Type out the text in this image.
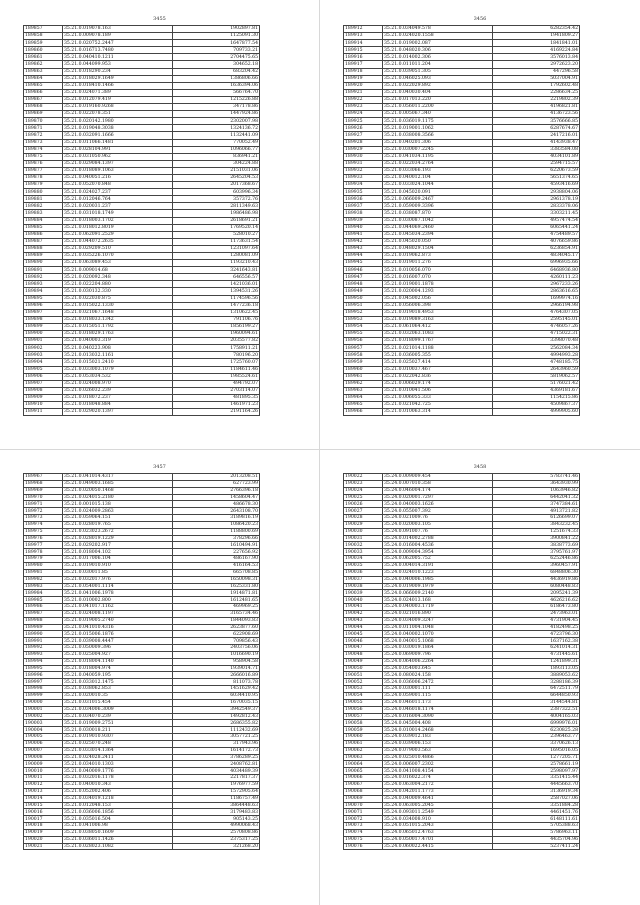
3455
189857	35.21.0.019078.163	1902897.81
189858	35.21.0.009078.189	1125091.30
189859	35.21.0.020752.2447	1647877.54
189860	35.21.0.016713.7480	709733.21
189861	35.21.0.040410.1211	2704475.65
189862	35.21.0.044099.953	304652.18
189863	35.21.0.018290.234	683204.42
189864	35.21.0.018029.1649	1386806.66
189865	35.21.0.018410.1466	1636394.06
189866	35.21.0.024071.389	566764.70
189867	35.21.0.012079.419	1215226.88
189868	35.21.0.019160.9268	347178.86
189869	35.21.0.022078.351	1447924.86
189870	35.21.0.020142.1980	2302007.98
189871	35.21.0.019048.3038	1324136.72
189872	35.21.0.032091.1666	1132441.09
189873	35.21.0.011066.1481	770052.49
189874	35.21.0.028104.991	1096066.77
189875	35.21.0.031050.962	836941.21
189876	35.21.0.029084.1397	304224.88
189877	35.21.0.018089.1063	2151031.06
189878	35.21.0.040051.216	2645204.53
189879	35.21.0.052070.848	2017368.67
189880	35.21.0.024027.237	603996.34
189881	35.21.0.012046.764	357372.76
189882	35.21.0.020031.237	2811349.63
189883	35.21.0.031018.1749	1986486.98
189884	35.21.0.018003.1702	2618691.21
189885	35.21.0.018012.8019	1769520.14
189886	35.21.0.062091.2529	528010.27
189887	35.21.0.044072.2635	1173631.54
189888	35.21.0.029209.510	1231097.64
189889	35.21.0.035226.1070	1280081.09
189890	35.21.0.063089.453	1193210.43
189891	35.21.0.009014.68	3241643.81
189892	35.21.0.020092.348	646556.57
189893	35.21.0.022204.880	1421036.01
189894	35.21.0.030132.330	1394531.26
189895	35.21.0.022030.875	1174596.56
189896	35.21.0.015022.1330	1477236.18
189897	35.21.0.021067.1648	1310622.45
189898	35.21.0.018033.1342	791106.76
189899	35.21.0.015051.1792	1856199.27
189900	35.21.0.018029.1763	1960094.61
189901	35.21.0.040003.319	2035577.82
189902	35.21.0.040223.908	1758911.21
189903	35.21.0.013032.1161	780196.20
189904	35.21.0.015021.2410	1725760.07
189905	35.21.0.033003.1079	1184611.46
189906	35.21.0.053034.532	1985524.61
189907	35.21.0.024008.970	494792.07
189908	35.21.0.026032.239	2703114.07
189909	35.21.0.018072.237	481895.35
189910	35.21.0.018048.884	1461971.23
189911	35.21.0.029020.1397	2191164.26
3456
189912	35.21.0.034049.578	6282354.42
189913	35.21.0.024020.1558	1941809.27
189914	35.21.0.019002.087	1841841.01
189915	35.21.0.048020.306	4169224.84
189916	35.21.0.014002.306	3576013.84
189917	35.21.0.011011.204	2972623.20
189918	35.21.0.039051.305	447296.58
189919	35.21.0.046025.093	5037004.91
189920	35.21.0.022029.892	1792602.48
189921	35.21.0.040030.404	2286634.25
189922	35.21.0.017013.220	2219802.39
189923	35.21.0.056011.2200	4196821.81
189924	35.21.0.005067.340	4136723.56
189925	35.21.0.036019.1175	3576666.85
189926	35.21.0.019001.1062	6287674.67
189927	35.21.0.038008.3566	2417216.01
189928	35.21.0.040201.306	4143938.47
189929	35.21.0.030007.2245	3383584.08
189930	35.21.0.041034.1195	4034101.89
189931	35.21.0.022034.2764	2594715.57
189932	35.21.0.033066.193	6220673.59
189933	35.21.0.040012.104	5651374.65
189934	35.21.0.033024.1044	4593416.69
189935	35.21.0.045020.091	2938804.06
189936	35.21.0.066009.2467	2961378.19
189937	35.21.0.059009.3396	2833378.06
189938	35.21.0.038087.870	3303211.45
189939	35.21.0.030087.1042	4957474.54
189940	35.21.0.044069.2460	6065441.24
189941	35.21.0.045034.2394	4754489.57
189942	35.21.0.045020.050	4076659.86
189943	35.21.0.048029.1504	6236854.91
189944	35.21.0.019062.873	4834045.17
189945	35.21.0.019011.276	6996935.66
189946	35.21.0.010056.070	6468936.80
189947	35.21.0.016007.070	4260111.23
189948	35.21.0.019001.1878	2967233.26
189949	35.21.0.020004.1293	2863616.65
189950	35.21.0.045002.056	1699974.16
189951	35.21.0.056006.398	2966194.98
189952	35.21.0.019018.4953	4764307.05
189953	35.21.0.019089.3163	2595145.01
189954	35.21.0.061064.412	4746057.26
189955	35.21.0.032063.1083	4715022.31
189956	35.21.0.018099.1767	3398070.48
189957	35.21.0.021014.1188	2562084.34
189958	35.21.0.036005.355	4994993.28
189959	35.21.0.025027.414	4748185.75
189960	35.21.0.010037.467	2643960.59
189961	35.21.0.022042.836	5819062.57
189962	35.21.0.006029.174	5176021.42
189963	35.21.0.010041.506	4369181.67
189964	35.21.0.006055.333	1154215.86
189965	35.21.0.021042.725	4509867.37
189966	35.21.0.010063.314	4999905.60
3457
189967	35.21.0.041014.4317	2013208.51
189968	35.21.0.049003.1685	627723.99
189969	35.21.0.020050.1468	2766396.18
189970	35.21.0.024015.2180	1458604.47
189971	35.21.0.001015.138	486678.30
189972	35.21.0.024009.2863	2643108.70
189973	35.21.0.059064.151	3189816.19
189974	35.21.0.028019.765	1086420.23
189975	35.21.0.023023.2672	1188800.69
189976	35.21.0.028019.1229	378296.66
189977	35.21.0.029202.917	1610494.91
189978	35.21.0.018004.102	227656.92
189979	35.21.0.017006.104	486167.90
189980	35.21.0.019010.910	416164.53
189981	35.21.0.030011.85	665708.85
189982	35.21.0.032017.976	1650098.31
189983	35.21.0.054001.1114	1625331.80
189984	35.21.0.041006.1978	1914871.81
189985	35.21.0.010002.800	1612481.65
189986	35.21.0.041017.1162	469969.25
189987	35.21.0.024008.1197	3165734.46
189988	35.21.0.019005.2740	1844093.83
189989	35.21.0.041010.4316	2623877.60
189990	35.21.0.015006.1876	622908.69
189991	35.21.0.039008.4447	709856.43
189992	35.21.0.050009.396	2403756.06
189993	35.21.0.025004.927	1016690.19
189994	35.21.0.018004.1140	958904.58
189995	35.21.0.018004.974	1939014.71
189996	35.21.0.040059.195	2666016.89
189997	35.21.0.033012.1475	811073.78
189998	35.21.0.038062.853	1451629.42
189999	35.21.0.020010.35	6034410.95
190000	35.21.0.031015.454	1670035.15
190001	35.21.0.034006.3009	3942549.37
190002	35.21.0.034070.239	1492812.43
190003	35.21.0.019009.2751	2686355.82
190004	35.21.0.030018.211	1112432.69
190005	35.21.0.019010.9307	3057721.25
190006	35.21.0.025070.248	317943.96
190007	35.21.0.033014.1364	1614172.73
190008	35.21.0.024028.2411	3786289.25
190009	35.21.0.034010.1303	2408762.81
190010	35.21.0.040009.1776	4034489.39
190011	35.21.0.032016.1178	2217817.37
190012	35.21.0.040010.343	1976977.59
190013	35.21.0.052002.406	1572905.64
190014	35.21.0.034019.1218	1186757.49
190015	35.21.0.012048.153	3864448.63
190016	35.21.0.036006.1856	3179483.83
190017	35.21.0.035016.504	905143.25
190018	35.21.0.041006.98	4990068.43
190019	35.21.0.038050.1609	2570808.86
190020	35.21.0.036011.1426	2375317.25
190021	35.21.0.028023.1082	321268.20
3458
190022	35.24.0.009009.454	5783741.46
190023	35.24.0.007010.358	3643930.99
190024	35.24.0.046004.174	1063946.82
190025	35.24.0.020001.7297	6442041.32
190026	35.24.0.040003.1626	3747384.61
190027	35.24.0.055007.392	4913721.82
190028	35.24.0.021009.76	6126699.07
190029	35.24.0.020003.105	3843232.45
190030	35.24.0.091007.76	1251674.33
190031	35.24.0.014002.2788	3900841.22
190032	35.24.0.016004.4536	3838773.69
190033	35.24.0.009004.3954	3795761.97
190034	35.24.0.062005.752	6252446.86
190035	35.24.0.004014.3191	3960457.91
190036	35.24.0.024010.1223	6848806.30
190037	35.24.0.040006.1985	4436919.86
190038	35.24.0.019009.1979	6080448.83
190039	35.24.0.066009.2140	2095241.39
190040	35.24.0.024013.168	4626216.62
190041	35.24.0.040003.1719	6186473.80
190042	35.24.0.021016.890	2473963.01
190043	35.24.0.034009.3247	4731904.45
190044	35.24.0.011004.1048	4182498.25
190045	35.24.0.040002.1070	4723796.30
190046	35.24.0.040015.1068	1637162.38
190047	35.24.0.030019.1864	6241014.31
190048	35.24.0.069009.796	4731445.61
190049	35.24.0.064006.2264	1241899.31
190050	35.24.0.054003.645	1893113.05
190051	35.24.0.080024.158	3889053.62
190052	35.24.0.036006.2472	3288186.39
190053	35.24.0.030001.111	6472511.79
190054	35.24.0.059001.115	6644850.93
190055	35.24.0.046011.173	3144544.81
190056	35.24.0.046018.1174	2387322.51
190057	35.24.0.016004.3090	4004165.03
190058	35.24.0.045004.408	6999976.01
190059	35.24.0.010014.2468	6230825.28
190060	35.24.0.039012.183	2396463.77
190061	35.24.0.039006.153	3370626.13
190062	35.24.0.079003.563	1695016.05
190063	35.24.0.025010.4866	1277205.71
190064	35.24.0.006007.2302	2578661.19
190065	35.24.0.041008.4154	2598097.97
190066	35.24.0.016022.374	3351415.44
190067	35.24.0.063004.2172	4445663.70
190068	35.24.0.042011.1773	3136919.34
190069	35.24.0.040009.4641	2587027.06
190070	35.24.0.063005.2045	3351884.28
190071	35.24.0.093011.2549	4461451.76
190072	35.24.0.034008.910	6148111.61
190073	35.24.0.051015.2043	5705388.63
190074	35.24.0.065012.4763	5786963.11
190075	35.24.0.050017.4701	4435704.96
190076	35.24.0.060022.4415	5237411.24
